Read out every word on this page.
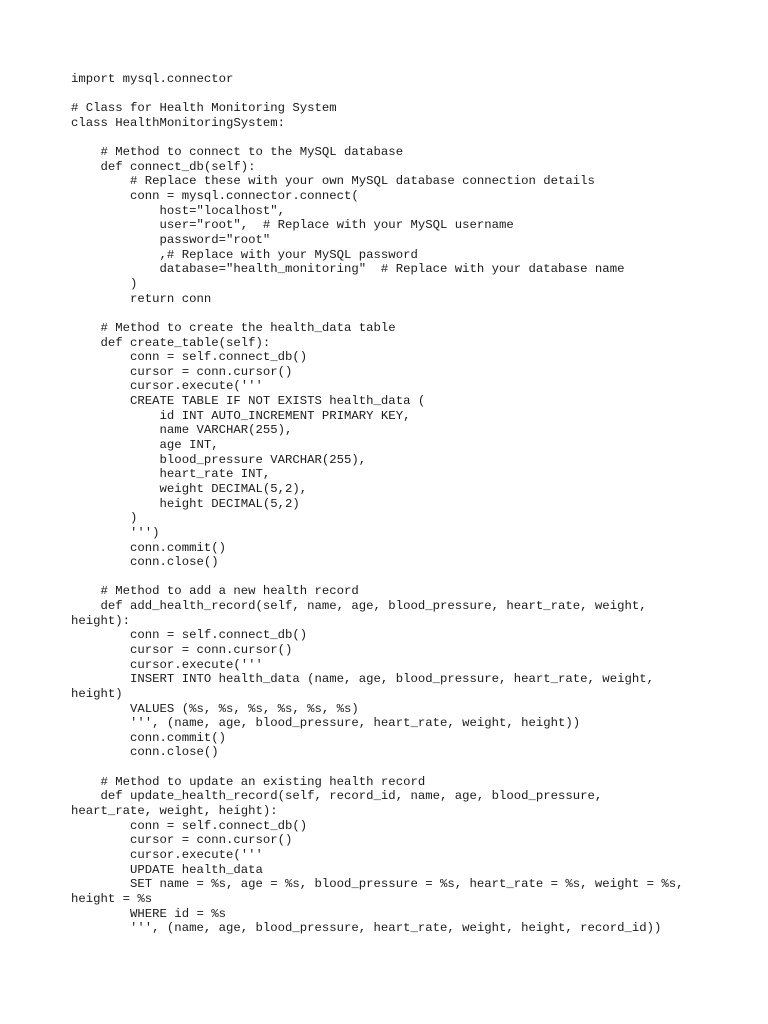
import mysql.connector
# Class for Health Monitoring System
class HealthMonitoringSystem:
# Method to connect to the MySQL database
def connect_db(self):
# Replace these with your own MySQL database connection details
conn = mysql.connector.connect(
host="localhost",
user="root",  # Replace with your MySQL username
password="root"
,# Replace with your MySQL password
database="health_monitoring"  # Replace with your database name
)
return conn
# Method to create the health_data table
def create_table(self):
conn = self.connect_db()
cursor = conn.cursor()
cursor.execute('''
CREATE TABLE IF NOT EXISTS health_data (
id INT AUTO_INCREMENT PRIMARY KEY,
name VARCHAR(255),
age INT,
blood_pressure VARCHAR(255),
heart_rate INT,
weight DECIMAL(5,2),
height DECIMAL(5,2)
)
''')
conn.commit()
conn.close()
# Method to add a new health record
def add_health_record(self, name, age, blood_pressure, heart_rate, weight,
height):
conn = self.connect_db()
cursor = conn.cursor()
cursor.execute('''
INSERT INTO health_data (name, age, blood_pressure, heart_rate, weight,
height)
VALUES (%s, %s, %s, %s, %s, %s)
''', (name, age, blood_pressure, heart_rate, weight, height))
conn.commit()
conn.close()
# Method to update an existing health record
def update_health_record(self, record_id, name, age, blood_pressure,
heart_rate, weight, height):
conn = self.connect_db()
cursor = conn.cursor()
cursor.execute('''
UPDATE health_data
SET name = %s, age = %s, blood_pressure = %s, heart_rate = %s, weight = %s,
height = %s
WHERE id = %s
''', (name, age, blood_pressure, heart_rate, weight, height, record_id))
